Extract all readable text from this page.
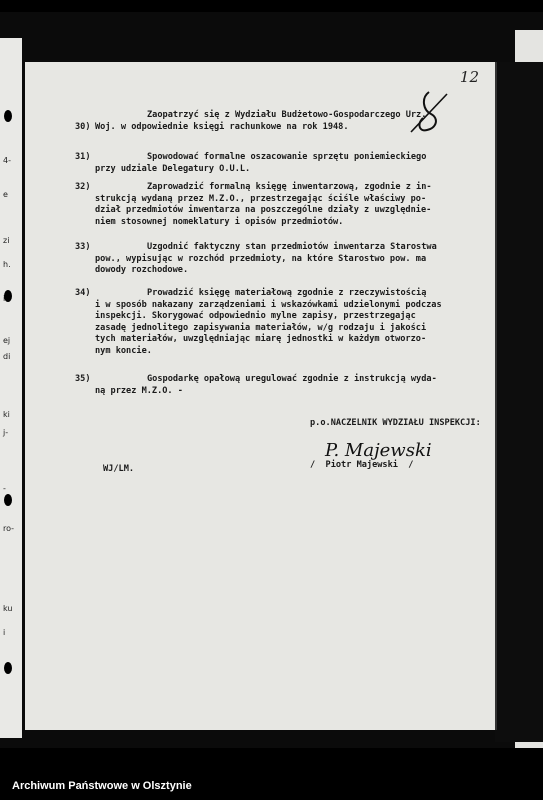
4-
e
zi
h.
ej
di
ki
j-
-
ro-
ku
i
12
Zaopatrzyć się z Wydziału Budżetowo-Gospodarczego Urz.
30) Woj. w odpowiednie księgi rachunkowe na rok 1948.
31)	Spowodować formalne oszacowanie sprzętu poniemieckiego
przy udziale Delegatury O.U.L.
32)	Zaprowadzić formalną księgę inwentarzową, zgodnie z in-
strukcją wydaną przez M.Z.O., przestrzegając ściśle właściwy po-
dział przedmiotów inwentarza na poszczególne działy z uwzględnie-
niem stosownej nomeklatury i opisów przedmiotów.
33)	Uzgodnić faktyczny stan przedmiotów inwentarza Starostwa
pow., wypisując w rozchód przedmioty, na które Starostwo pow. ma
dowody rozchodowe.
34)	Prowadzić księgę materiałową zgodnie z rzeczywistością
i w sposób nakazany zarządzeniami i wskazówkami udzielonymi podczas
inspekcji. Skorygować odpowiednio mylne zapisy, przestrzegając
zasadę jednolitego zapisywania materiałów, w/g rodzaju i jakości
tych materiałów, uwzględniając miarę jednostki w każdym otworzo-
nym koncie.
35)	Gospodarkę opałową uregulować zgodnie z instrukcją wyda-
ną przez M.Z.O. -
p.o.NACZELNIK WYDZIAŁU INSPEKCJI:
P. Majewski
/  Piotr Majewski  /
WJ/LM.
Archiwum Państwowe w Olsztynie
